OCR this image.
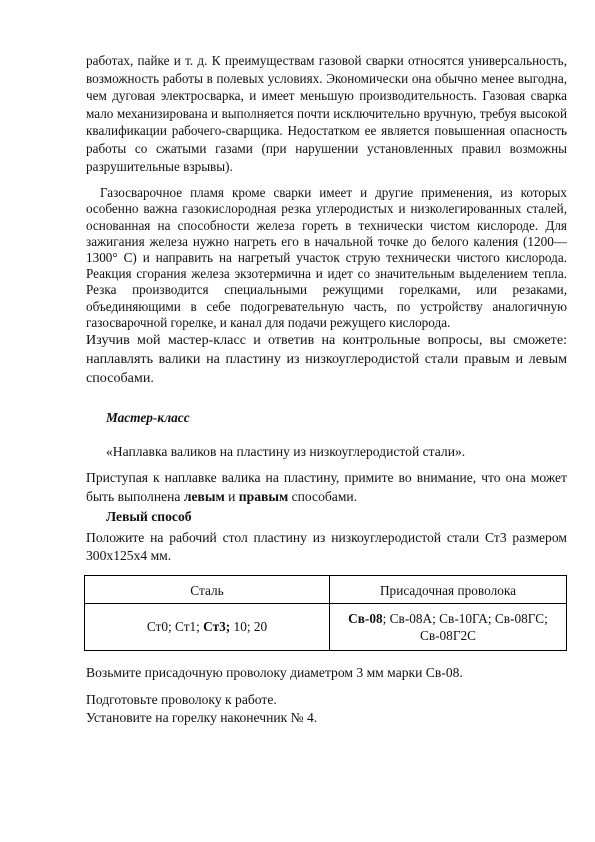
работах, пайке и т. д. К преимуществам газовой сварки относятся универсальность, возможность работы в полевых условиях. Экономически она обычно менее выгодна, чем дуговая электросварка, и имеет меньшую производительность. Газовая сварка мало механизирована и выполняется почти исключительно вручную, требуя высокой квалификации рабочего-сварщика. Недостатком ее является повышенная опасность работы со сжатыми газами (при нарушении установленных правил возможны разрушительные взрывы).

Газосварочное пламя кроме сварки имеет и другие применения, из которых особенно важна газокислородная резка углеродистых и низколегированных сталей, основанная на способности железа гореть в технически чистом кислороде. Для зажигания железа нужно нагреть его в начальной точке до белого каления (1200—1300° С) и направить на нагретый участок струю технически чистого кислорода. Реакция сгорания железа экзотермична и идет со значительным выделением тепла. Резка производится специальными режущими горелками, или резаками, объединяющими в себе подогревательную часть, по устройству аналогичную газосварочной горелке, и канал для подачи режущего кислорода.

Изучив мой мастер-класс и ответив на контрольные вопросы, вы сможете: наплавлять валики на пластину из низкоуглеродистой стали правым и левым способами.

Мастер-класс

«Наплавка валиков на пластину из низкоуглеродистой стали».

Приступая к наплавке валика на пластину, примите во внимание, что она может быть выполнена левым и правым способами.

Левый способ

Положите на рабочий стол пластину из низкоуглеродистой стали Ст3 размером 300х125х4 мм.

Сталь	Присадочная проволока
Ст0; Ст1; Ст3; 10; 20	Св-08; Св-08А; Св-10ГА; Св-08ГС; Св-08Г2С

Возьмите присадочную проволоку диаметром 3 мм марки Св-08.

Подготовьте проволоку к работе.

Установите на горелку наконечник № 4.
